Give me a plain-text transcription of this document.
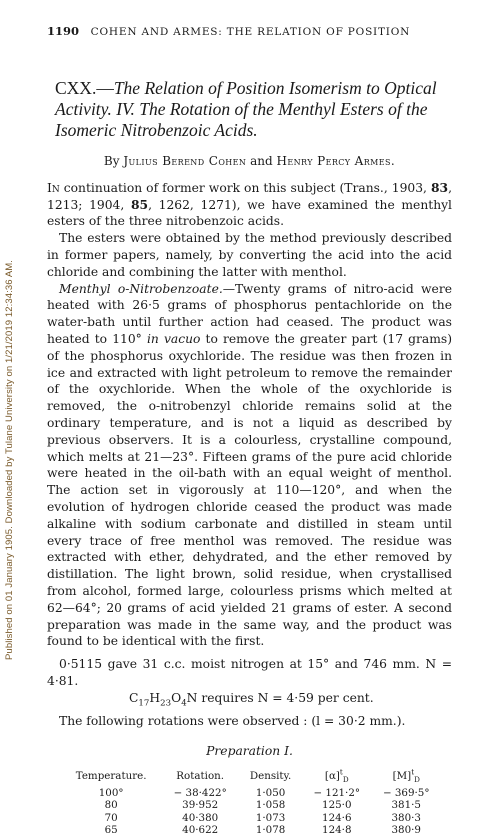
Published on 01 January 1905. Downloaded by Tulane University on 1/21/2019 12:34:36 AM.
1190 COHEN AND ARMES: THE RELATION OF POSITION
CXX.—The Relation of Position Isomerism to Optical Activity. IV. The Rotation of the Menthyl Esters of the Isomeric Nitrobenzoic Acids.
By Julius Berend Cohen and Henry Percy Armes.

In continuation of former work on this subject (Trans., 1903, 83, 1213; 1904, 85, 1262, 1271), we have examined the menthyl esters of the three nitrobenzoic acids.

The esters were obtained by the method previously described in former papers, namely, by converting the acid into the acid chloride and combining the latter with menthol.

Menthyl o-Nitrobenzoate.—Twenty grams of nitro-acid were heated with 26·5 grams of phosphorus pentachloride on the water-bath until further action had ceased. The product was heated to 110° in vacuo to remove the greater part (17 grams) of the phosphorus oxychloride. The residue was then frozen in ice and extracted with light petroleum to remove the remainder of the oxychloride. When the whole of the oxychloride is removed, the o-nitrobenzyl chloride remains solid at the ordinary temperature, and is not a liquid as described by previous observers. It is a colourless, crystalline compound, which melts at 21—23°. Fifteen grams of the pure acid chloride were heated in the oil-bath with an equal weight of menthol. The action set in vigorously at 110—120°, and when the evolution of hydrogen chloride ceased the product was made alkaline with sodium carbonate and distilled in steam until every trace of free menthol was removed. The residue was extracted with ether, dehydrated, and the ether removed by distillation. The light brown, solid residue, when crystallised from alcohol, formed large, colourless prisms which melted at 62—64°; 20 grams of acid yielded 21 grams of ester. A second preparation was made in the same way, and the product was found to be identical with the first.

0·5115 gave 31 c.c. moist nitrogen at 15° and 746 mm. N = 4·81.

$C_{17}H_{23}O_4N$ requires N = 4·59 per cent.

The following rotations were observed : (l = 30·2 mm.).

Preparation I.
Temperature.	Rotation.	Density.	$[\alpha]^t_D$	$[M]^t_D$
100°	− 38·422°	1·050	− 121·2°	− 369·5°
80	39·952	1·058	125·0	381·5
70	40·380	1·073	124·6	380·3
65	40·622	1·078	124·8	380·9
